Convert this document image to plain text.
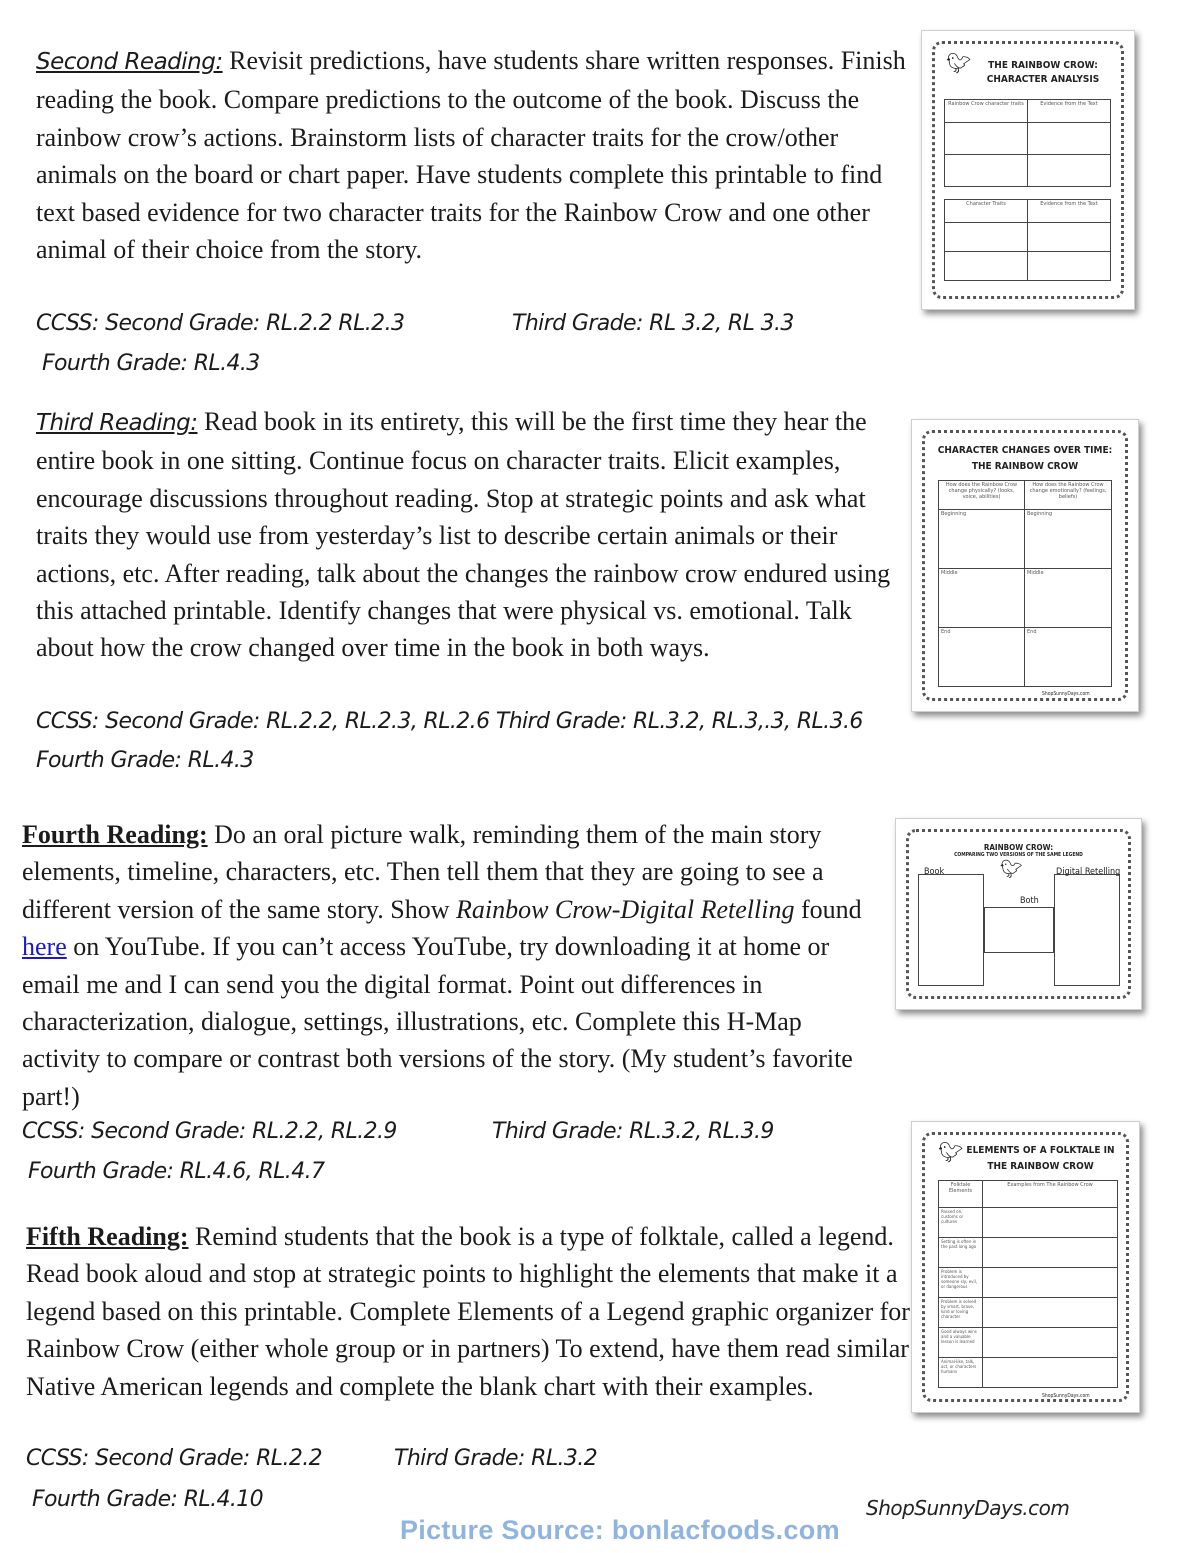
Second Reading: Revisit predictions, have students share written responses. Finish reading the book. Compare predictions to the outcome of the book. Discuss the rainbow crow’s actions. Brainstorm lists of character traits for the crow/other animals on the board or chart paper. Have students complete this printable to find text based evidence for two character traits for the Rainbow Crow and one other animal of their choice from the story.
CCSS: Second Grade: RL.2.2 RL.2.3	Third Grade: RL 3.2, RL 3.3
Fourth Grade: RL.4.3
🐦︎	THE RAINBOW CROW:
CHARACTER ANALYSIS
Rainbow Crow character traits	Evidence from the Text
Character Traits	Evidence from the Text
Third Reading: Read book in its entirety, this will be the first time they hear the entire book in one sitting. Continue focus on character traits. Elicit examples, encourage discussions throughout reading. Stop at strategic points and ask what traits they would use from yesterday’s list to describe certain animals or their actions, etc. After reading, talk about the changes the rainbow crow endured using this attached printable. Identify changes that were physical vs. emotional. Talk about how the crow changed over time in the book in both ways.
CCSS: Second Grade: RL.2.2, RL.2.3, RL.2.6 Third Grade: RL.3.2, RL.3,.3, RL.3.6
Fourth Grade: RL.4.3
CHARACTER CHANGES OVER TIME:
THE RAINBOW CROW
How does the Rainbow Crow change physically? (looks, voice, abilities)
How does the Rainbow Crow change emotionally? (feelings, beliefs)
Beginning	Beginning
Middle	Middle
End	End
ShopSunnyDays.com
Fourth Reading: Do an oral picture walk, reminding them of the main story elements, timeline, characters, etc. Then tell them that they are going to see a different version of the same story. Show Rainbow Crow-Digital Retelling found here on YouTube. If you can’t access YouTube, try downloading it at home or email me and I can send you the digital format. Point out differences in characterization, dialogue, settings, illustrations, etc. Complete this H-Map activity to compare or contrast both versions of the story. (My student’s favorite part!)
CCSS: Second Grade: RL.2.2, RL.2.9	Third Grade: RL.3.2, RL.3.9
Fourth Grade: RL.4.6, RL.4.7
RAINBOW CROW:
COMPARING TWO VERSIONS OF THE SAME LEGEND
🐦︎
Book	Digital Retelling
Both
Fifth Reading: Remind students that the book is a type of folktale, called a legend. Read book aloud and stop at strategic points to highlight the elements that make it a legend based on this printable. Complete Elements of a Legend graphic organizer for Rainbow Crow (either whole group or in partners) To extend, have them read similar Native American legends and complete the blank chart with their examples.
CCSS: Second Grade: RL.2.2	Third Grade: RL.3.2
Fourth Grade: RL.4.10
🐦︎ ELEMENTS OF A FOLKTALE IN
THE RAINBOW CROW
Folktale Elements
Examples from The Rainbow Crow
Passed on, customs or cultures
Setting is often in the past long ago
Problem is introduced by someone sly, evil, or dangerous
Problem is solved by smart, brave, kind or loving character
Good always wins and a valuable lesson is learned
Animal-like, talk, act, or characters humans
ShopSunnyDays.com
ShopSunnyDays.com
Picture Source: bonlacfoods.com
